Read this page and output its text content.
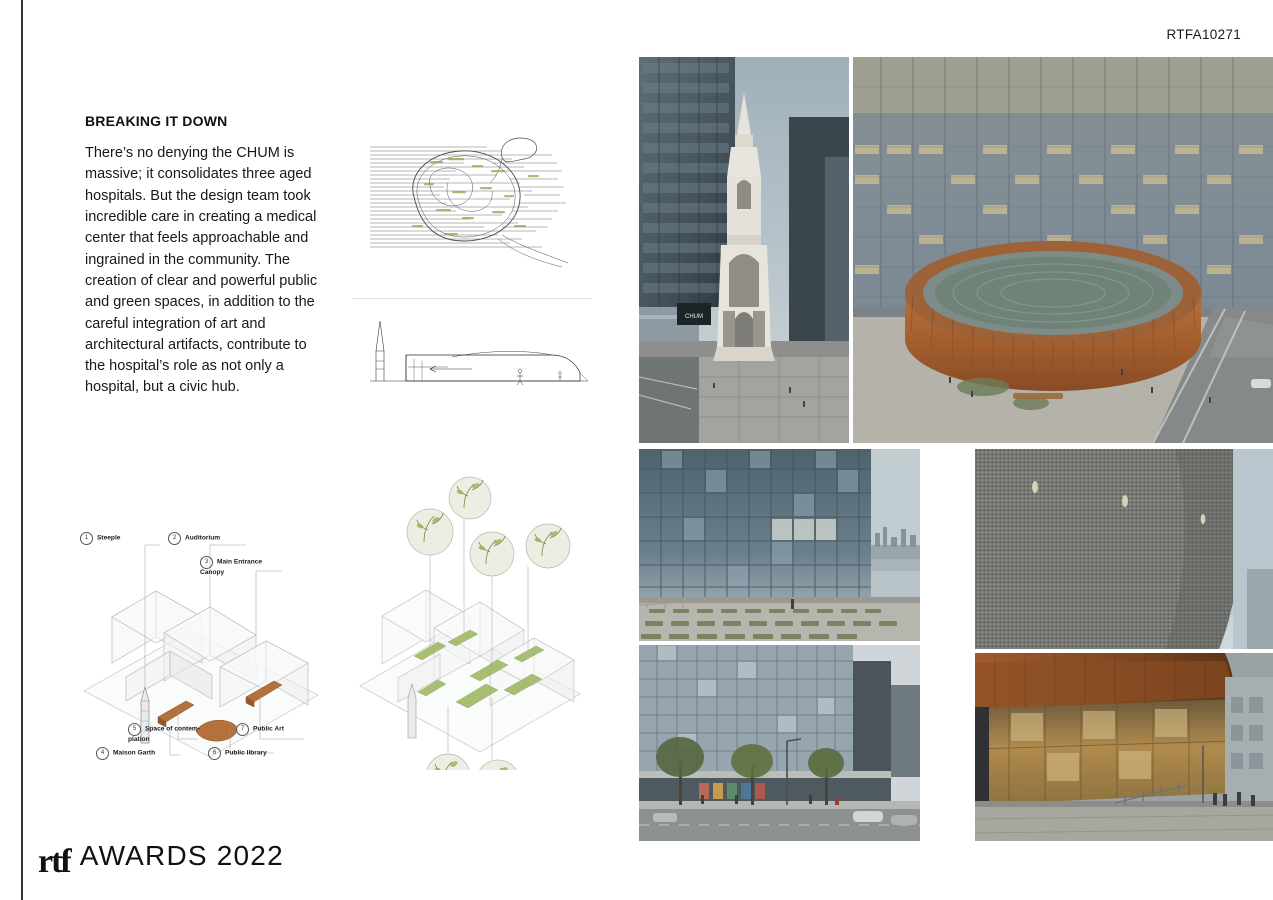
RTFA10271
BREAKING IT DOWN

There’s no denying the CHUM is massive; it consolidates three aged hospitals. But the design team took incredible care in creating a medical center that feels approachable and ingrained in the community. The creation of clear and powerful public and green spaces, in addition to the careful integration of art and architectural artifacts, contribute to the hospital’s role as not only a hospital, but a civic hub.

1 Steeple	2 Auditorium
3 Main Entrance Canopy
4 Maison Garth
5 Space of contem-plation
6 Public library
7 Public Art
CHUM
rtf AWARDS 2022
